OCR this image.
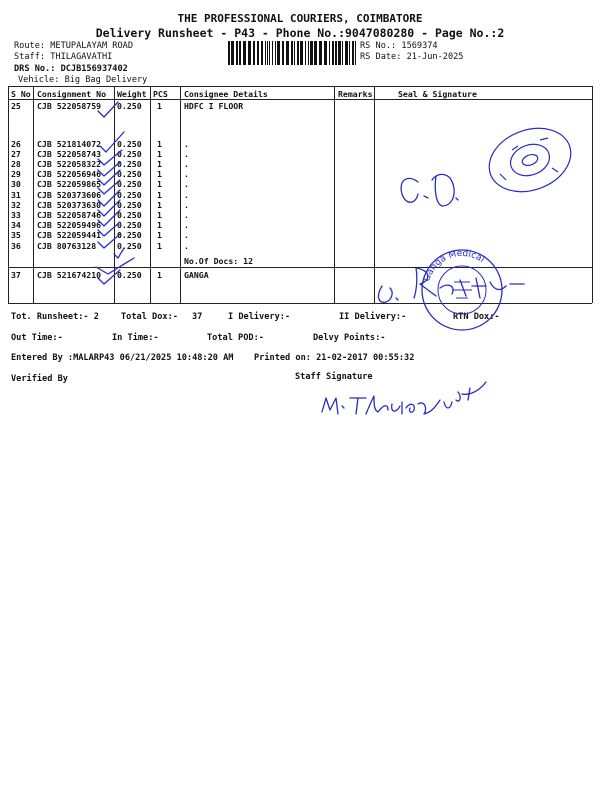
THE PROFESSIONAL COURIERS, COIMBATORE
Delivery Runsheet - P43 - Phone No.:9047080280 - Page No.:2
Route: METUPALAYAM ROAD
Staff: THILAGAVATHI
DRS No.: DCJB156937402
Vehicle: Big Bag Delivery
RS No.: 1569374
RS Date: 21-Jun-2025
S No Consignment No Weight PCS Consignee Details	Remarks	Seal & Signature
25 CJB 522058759 0.250 1	HDFC I FLOOR
26 CJB 521814072 0.250 1	.
27 CJB 522058743 0.250 1	.
28 CJB 522058322 0.250 1	.
29 CJB 522056946 0.250 1	.
30 CJB 522059865 0.250 1	.
31 CJB 520373606 0.250 1	.
32 CJB 520373630 0.250 1	.
33 CJB 522058746 0.250 1	.
34 CJB 522059496 0.250 1	.
35 CJB 522059441 0.250 1	.
36 CJB 80763128	0.250 1	.
37 CJB 521674210 0.250 1	GANGA
No.Of Docs: 12
Tot. Runsheet:- 2	Total Dox:- 37	I Delivery:-	II Delivery:-	RTN Dox:-
Out Time:-	In Time:-	Total POD:-	Delvy Points:-
Entered By :MALARP43 06/21/2025 10:48:20 AM Printed on: 21-02-2017 00:55:32
Verified By	Staff Signature
Ganga Medical
